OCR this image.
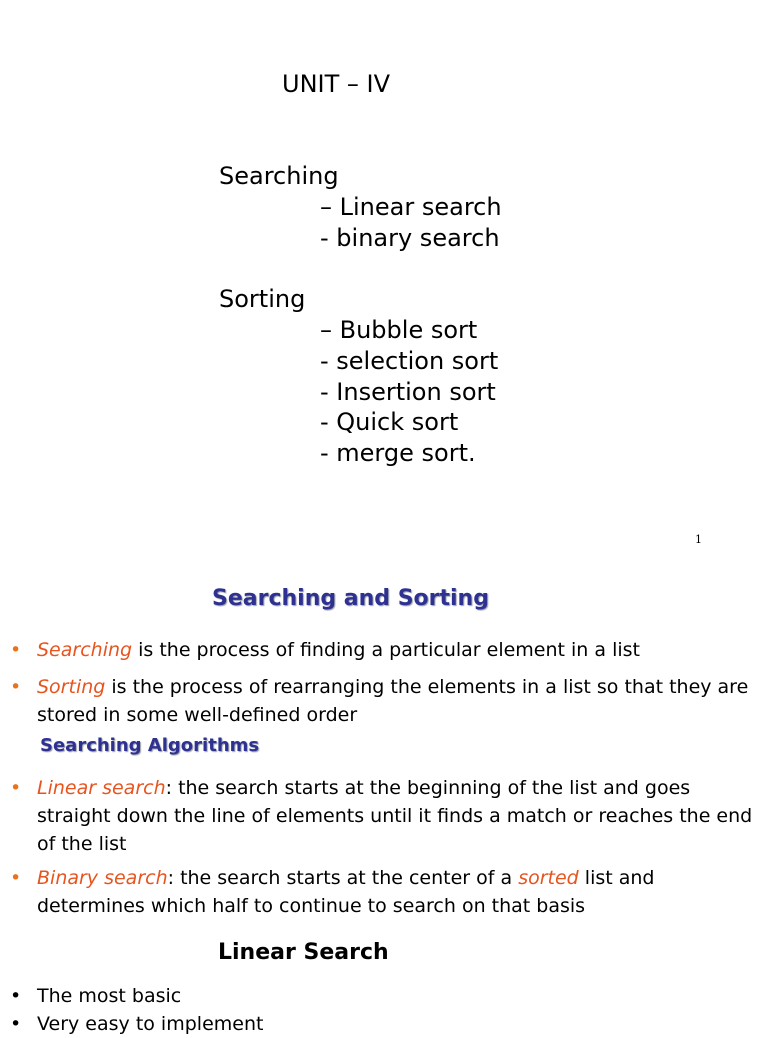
UNIT – IV
Searching
– Linear search
- binary search
Sorting
– Bubble sort
- selection sort
- Insertion sort
- Quick sort
- merge sort.
1
Searching and Sorting
• Searching is the process of finding a particular element in a list
• Sorting is the process of rearranging the elements in a list so that they are stored in some well-defined order
Searching Algorithms
• Linear search: the search starts at the beginning of the list and goes straight down the line of elements until it finds a match or reaches the end of the list
• Binary search: the search starts at the center of a sorted list and determines which half to continue to search on that basis
Linear Search
• The most basic
• Very easy to implement
